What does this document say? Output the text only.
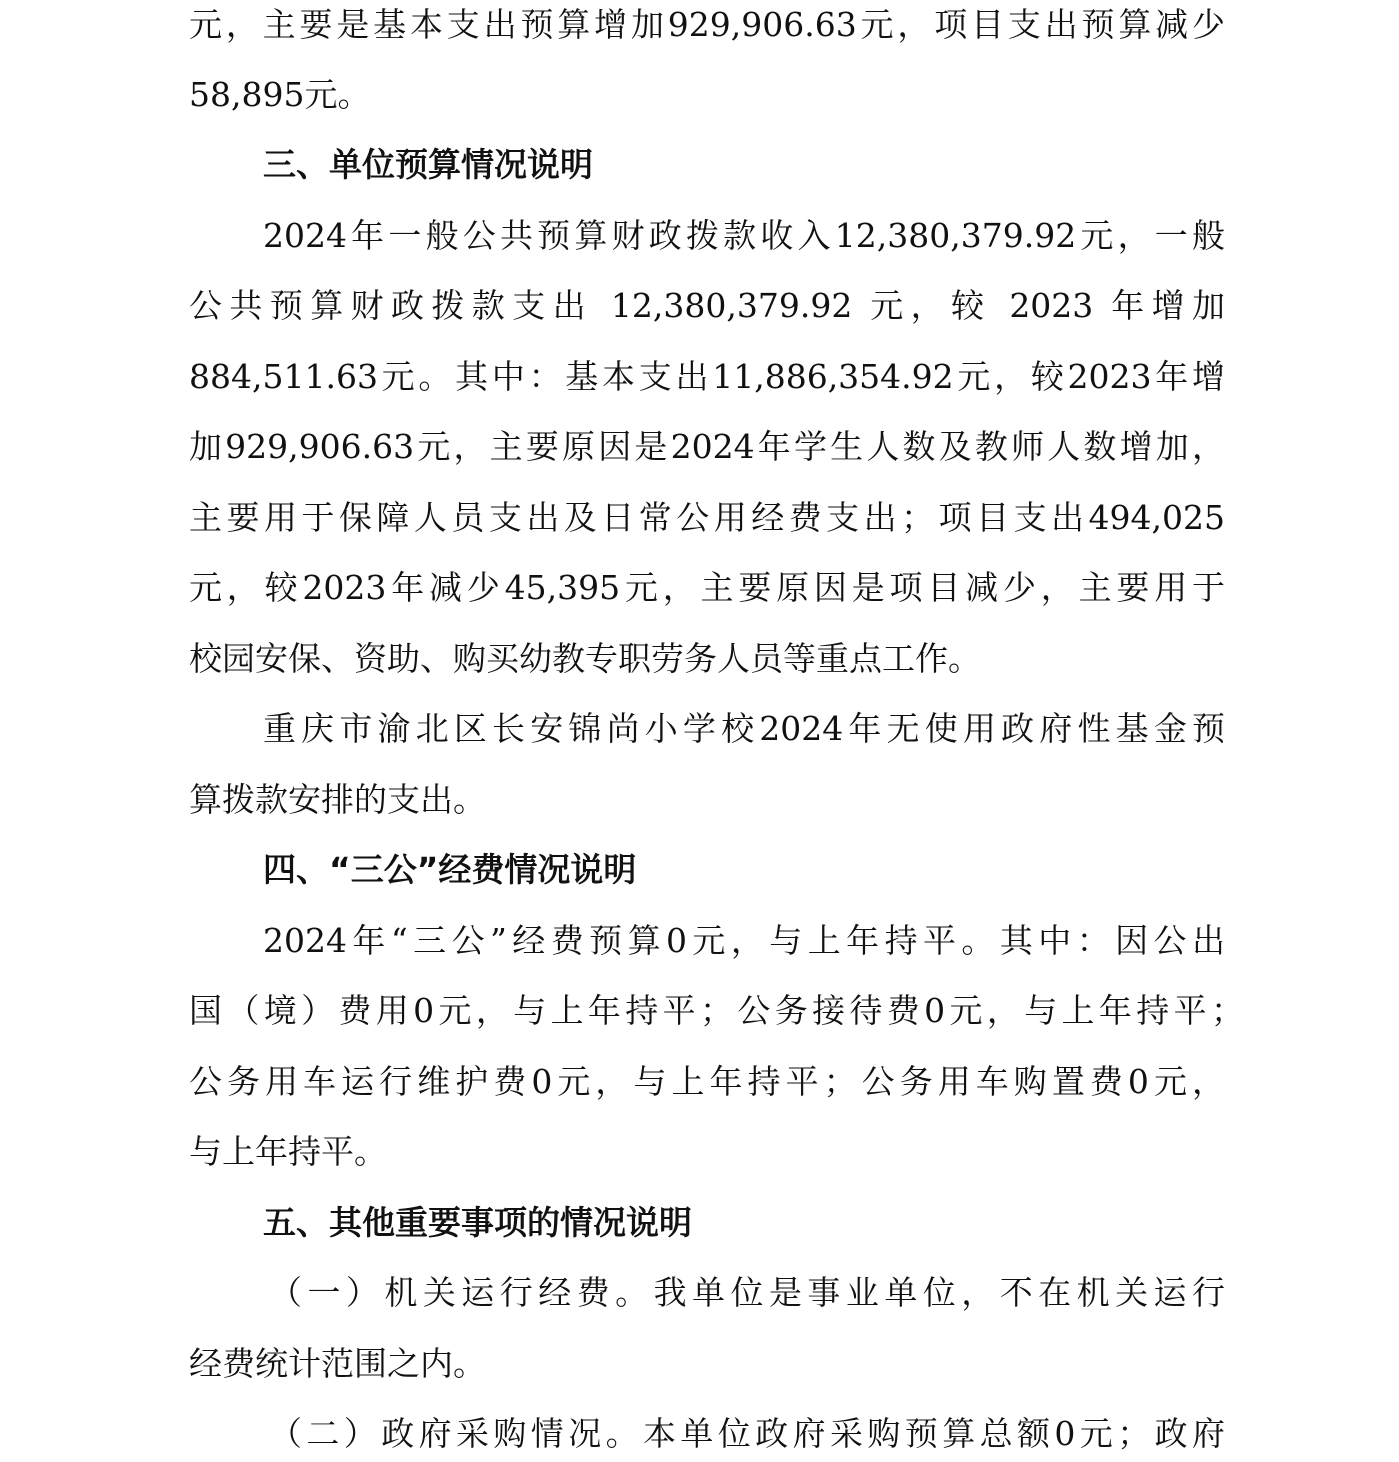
元，主要是基本支出预算增加929,906.63元，项目支出预算减少
58,895元。
三、单位预算情况说明
2024年一般公共预算财政拨款收入12,380,379.92元，一般
公共预算财政拨款支出 12,380,379.92 元，较 2023 年增加
884,511.63元。其中：基本支出11,886,354.92元，较2023年增
加929,906.63元，主要原因是2024年学生人数及教师人数增加，
主要用于保障人员支出及日常公用经费支出；项目支出494,025
元，较2023年减少45,395元，主要原因是项目减少，主要用于
校园安保、资助、购买幼教专职劳务人员等重点工作。
重庆市渝北区长安锦尚小学校2024年无使用政府性基金预
算拨款安排的支出。
四、“三公”经费情况说明
2024年“三公”经费预算0元，与上年持平。其中：因公出
国（境）费用0元，与上年持平；公务接待费0元，与上年持平；
公务用车运行维护费0元，与上年持平；公务用车购置费0元，
与上年持平。
五、其他重要事项的情况说明
（一）机关运行经费。我单位是事业单位，不在机关运行
经费统计范围之内。
（二）政府采购情况。本单位政府采购预算总额0元；政府
